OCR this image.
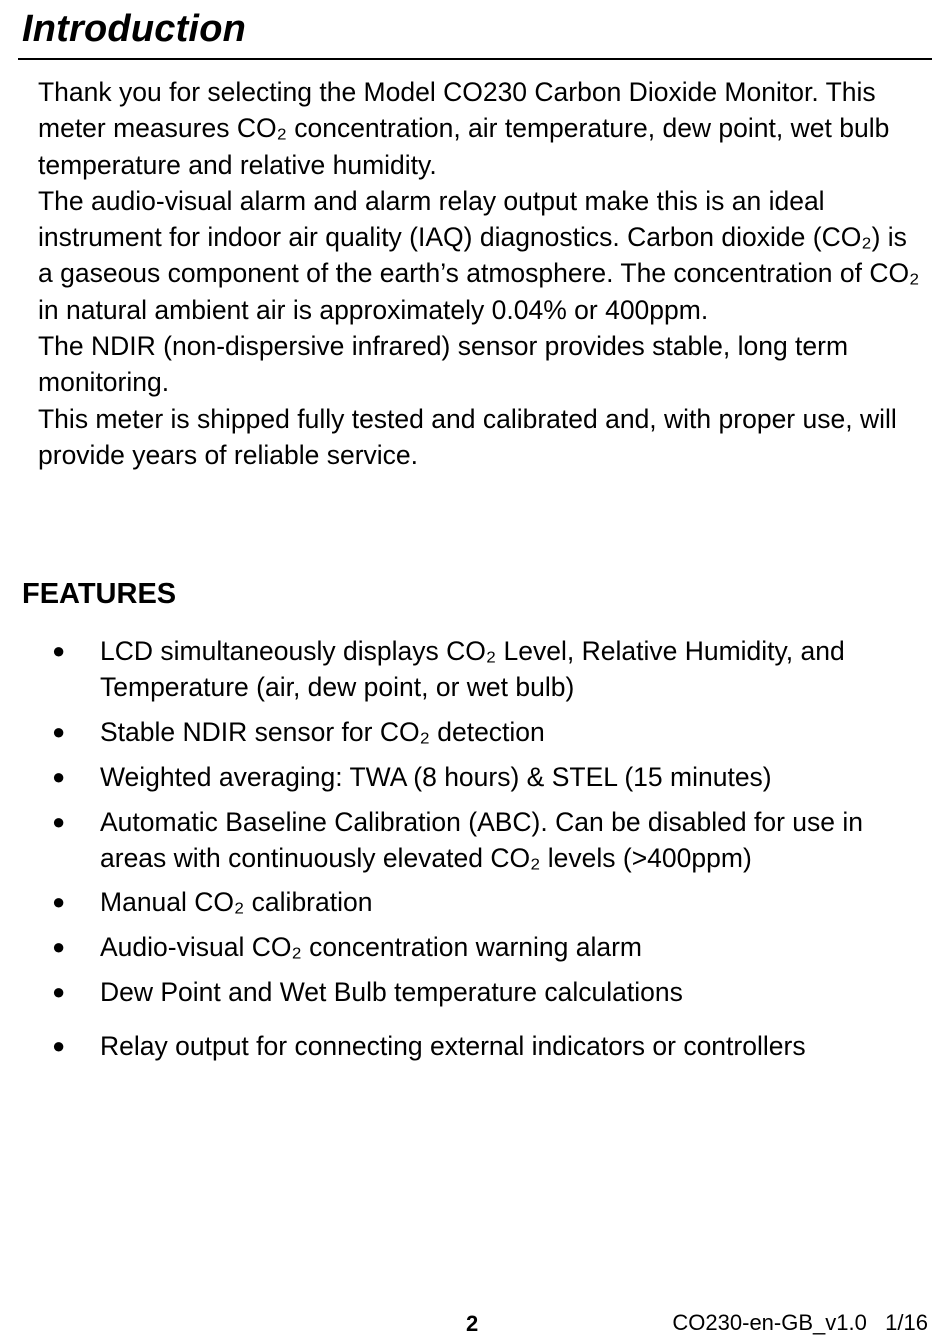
Introduction

Thank you for selecting the Model CO230 Carbon Dioxide Monitor. This meter measures CO₂ concentration, air temperature, dew point, wet bulb temperature and relative humidity.

The audio-visual alarm and alarm relay output make this is an ideal instrument for indoor air quality (IAQ) diagnostics. Carbon dioxide (CO₂) is a gaseous component of the earth’s atmosphere. The concentration of CO₂ in natural ambient air is approximately 0.04% or 400ppm.

The NDIR (non-dispersive infrared) sensor provides stable, long term monitoring.

This meter is shipped fully tested and calibrated and, with proper use, will provide years of reliable service.

FEATURES
● LCD simultaneously displays CO₂ Level, Relative Humidity, and Temperature (air, dew point, or wet bulb)
● Stable NDIR sensor for CO₂ detection
● Weighted averaging: TWA (8 hours) & STEL (15 minutes)
● Automatic Baseline Calibration (ABC). Can be disabled for use in areas with continuously elevated CO₂ levels (>400ppm)
● Manual CO₂ calibration
● Audio-visual CO₂ concentration warning alarm
● Dew Point and Wet Bulb temperature calculations
● Relay output for connecting external indicators or controllers
2	CO230-en-GB_v1.0   1/16
